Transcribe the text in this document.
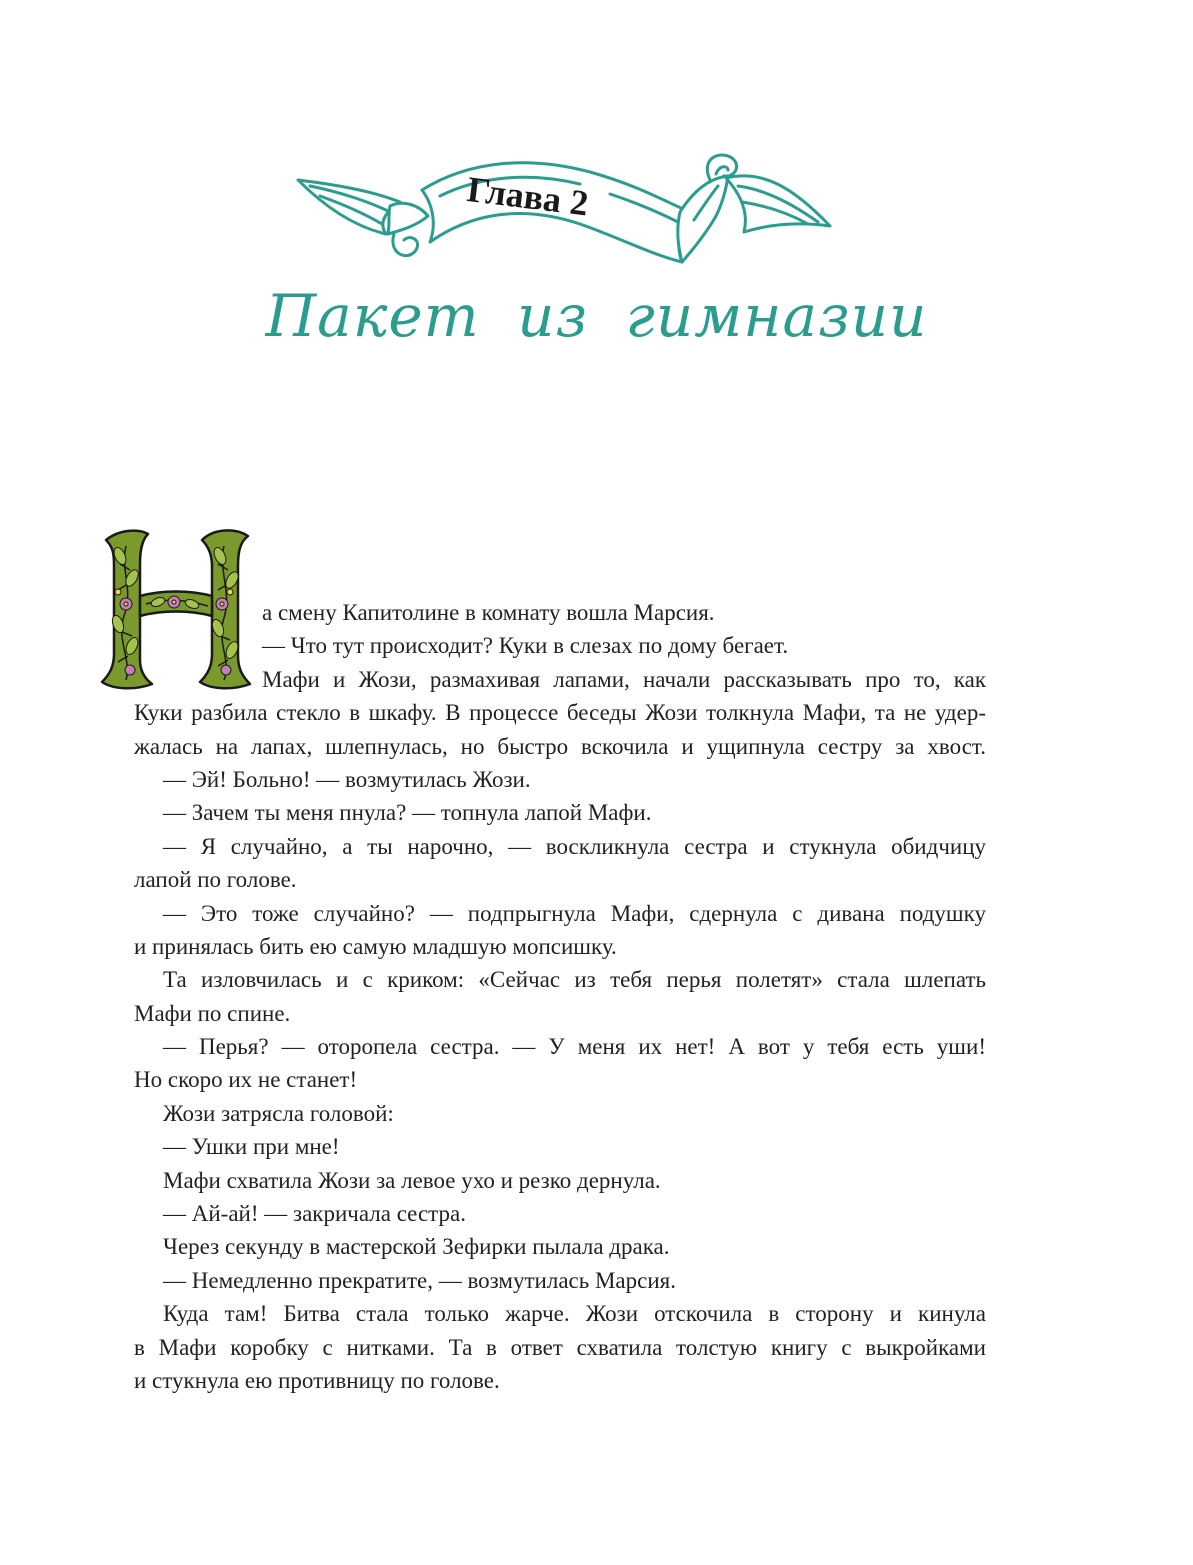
Глава 2
Пакет из гимназии
а смену Капитолине в комнату вошла Марсия.
— Что тут происходит? Куки в слезах по дому бегает.
Мафи и Жози, размахивая лапами, начали рассказывать про то, как
Куки разбила стекло в шкафу. В процессе беседы Жози толкнула Мафи, та не удер-
жалась на лапах, шлепнулась, но быстро вскочила и ущипнула сестру за хвост.
— Эй! Больно! — возмутилась Жози.
— Зачем ты меня пнула? — топнула лапой Мафи.
— Я случайно, а ты нарочно, — воскликнула сестра и стукнула обидчицу
лапой по голове.
— Это тоже случайно? — подпрыгнула Мафи, сдернула с дивана подушку
и принялась бить ею самую младшую мопсишку.
Та изловчилась и с криком: «Сейчас из тебя перья полетят» стала шлепать
Мафи по спине.
— Перья? — оторопела сестра. — У меня их нет! А вот у тебя есть уши!
Но скоро их не станет!
Жози затрясла головой:
— Ушки при мне!
Мафи схватила Жози за левое ухо и резко дернула.
— Ай-ай! — закричала сестра.
Через секунду в мастерской Зефирки пылала драка.
— Немедленно прекратите, — возмутилась Марсия.
Куда там! Битва стала только жарче. Жози отскочила в сторону и кинула
в Мафи коробку с нитками. Та в ответ схватила толстую книгу с выкройками
и стукнула ею противницу по голове.
